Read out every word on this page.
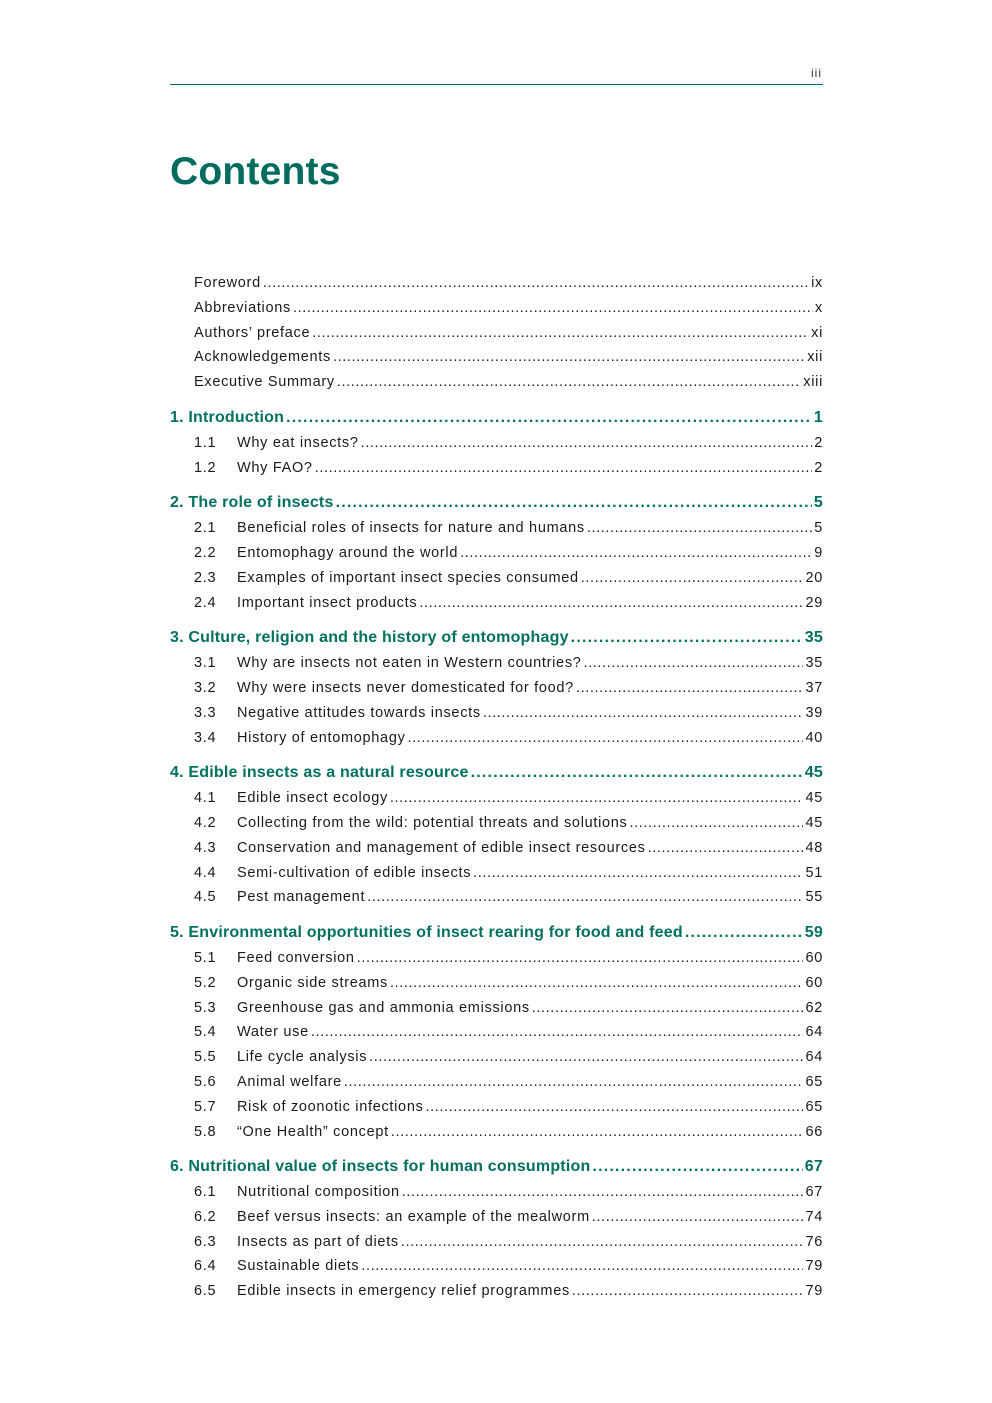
iii
Contents
Foreword .....	ix
Abbreviations .....	x
Authors’ preface .....	xi
Acknowledgements .....	xii
Executive Summary .....	xiii
1. Introduction .....	1
1.1	Why eat insects? .....	2
1.2	Why FAO? .....	2
2. The role of insects .....	5
2.1	Beneficial roles of insects for nature and humans .....	5
2.2	Entomophagy around the world .....	9
2.3	Examples of important insect species consumed .....	20
2.4	Important insect products .....	29
3. Culture, religion and the history of entomophagy .....	35
3.1	Why are insects not eaten in Western countries? .....	35
3.2	Why were insects never domesticated for food? .....	37
3.3	Negative attitudes towards insects .....	39
3.4	History of entomophagy .....	40
4. Edible insects as a natural resource .....	45
4.1	Edible insect ecology .....	45
4.2	Collecting from the wild: potential threats and solutions .....	45
4.3	Conservation and management of edible insect resources .....	48
4.4	Semi-cultivation of edible insects .....	51
4.5	Pest management .....	55
5. Environmental opportunities of insect rearing for food and feed .....	59
5.1	Feed conversion .....	60
5.2	Organic side streams .....	60
5.3	Greenhouse gas and ammonia emissions .....	62
5.4	Water use .....	64
5.5	Life cycle analysis .....	64
5.6	Animal welfare .....	65
5.7	Risk of zoonotic infections .....	65
5.8	“One Health” concept .....	66
6. Nutritional value of insects for human consumption .....	67
6.1	Nutritional composition .....	67
6.2	Beef versus insects: an example of the mealworm .....	74
6.3	Insects as part of diets .....	76
6.4	Sustainable diets .....	79
6.5	Edible insects in emergency relief programmes .....	79
